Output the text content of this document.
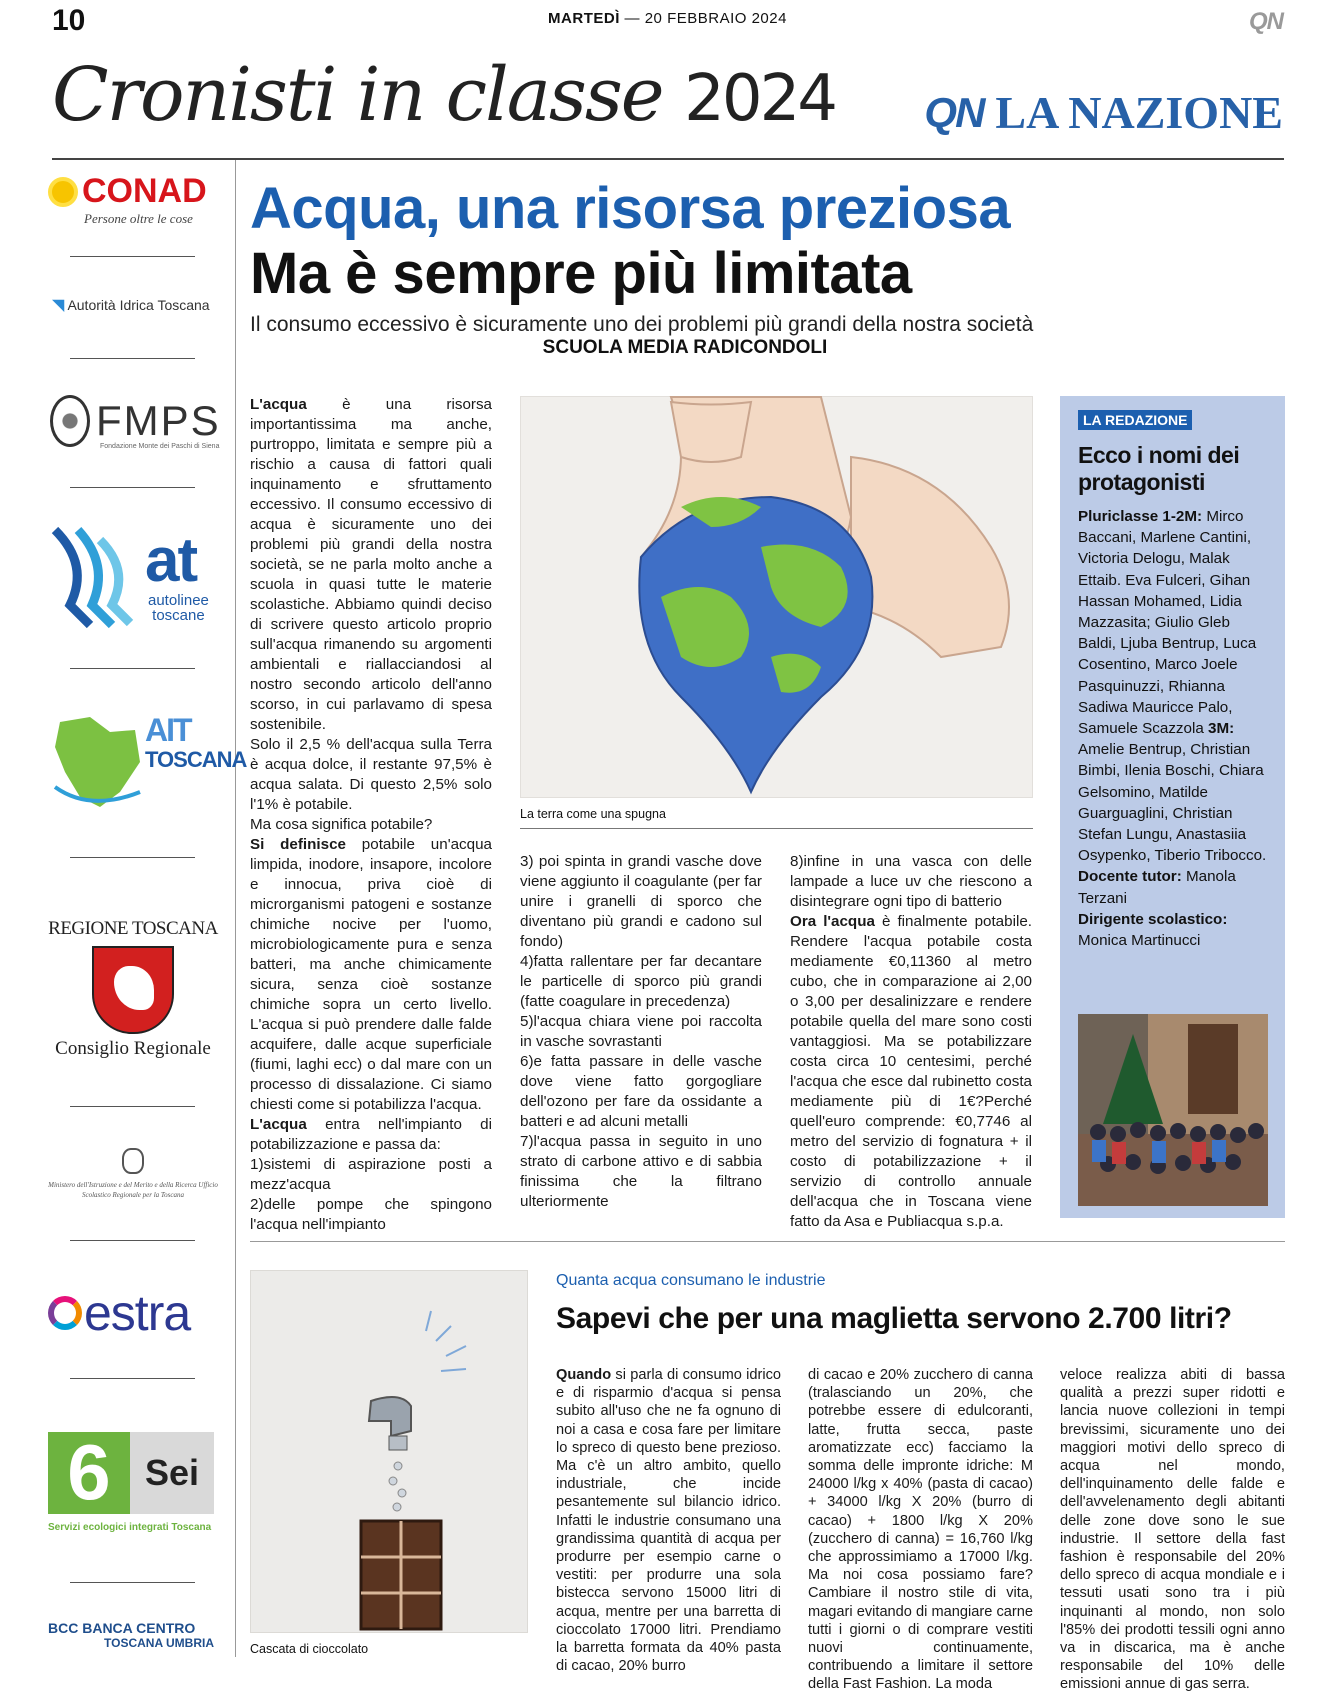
10	MARTEDÌ — 20 FEBBRAIO 2024	QN
Cronisti in classe 2024 QN LA NAZIONE
CONAD
Persone oltre le cose
◥ Autorità Idrica Toscana
FMPS
Fondazione Monte dei Paschi di Siena
at
autolinee
toscane
AIT
TOSCANA
REGIONE TOSCANA
Consiglio Regionale
Ministero dell'Istruzione e del Merito e della Ricerca Ufficio Scolastico Regionale per la Toscana
estra
6 Sei
Servizi ecologici integrati Toscana
BCC BANCA CENTRO
TOSCANA UMBRIA
Acqua, una risorsa preziosa
Ma è sempre più limitata
Il consumo eccessivo è sicuramente uno dei problemi più grandi della nostra società
SCUOLA MEDIA RADICONDOLI

L'acqua è una risorsa importantissima ma anche, purtroppo, limitata e sempre più a rischio a causa di fattori quali inquinamento e sfruttamento eccessivo. Il consumo eccessivo di acqua è sicuramente uno dei problemi più grandi della nostra società, se ne parla molto anche a scuola in quasi tutte le materie scolastiche. Abbiamo quindi deciso di scrivere questo articolo proprio sull'acqua rimanendo su argomenti ambientali e riallacciandosi al nostro secondo articolo dell'anno scorso, in cui parlavamo di spesa sostenibile.

Solo il 2,5 % dell'acqua sulla Terra è acqua dolce, il restante 97,5% è acqua salata. Di questo 2,5% solo l'1% è potabile.

Ma cosa significa potabile?

Si definisce potabile un'acqua limpida, inodore, insapore, incolore e innocua, priva cioè di microrganismi patogeni e sostanze chimiche nocive per l'uomo, microbiologicamente pura e senza batteri, ma anche chimicamente sicura, senza cioè sostanze chimiche sopra un certo livello. L'acqua si può prendere dalle falde acquifere, dalle acque superficiale (fiumi, laghi ecc) o dal mare con un processo di dissalazione. Ci siamo chiesti come si potabilizza l'acqua.

L'acqua entra nell'impianto di potabilizzazione e passa da:

1)sistemi di aspirazione posti a mezz'acqua

2)delle pompe che spingono l'acqua nell'impianto

La terra come una spugna

3) poi spinta in grandi vasche dove viene aggiunto il coagulante (per far unire i granelli di sporco che diventano più grandi e cadono sul fondo)

4)fatta rallentare per far decantare le particelle di sporco più grandi (fatte coagulare in precedenza)

5)l'acqua chiara viene poi raccolta in vasche sovrastanti

6)e fatta passare in delle vasche dove viene fatto gorgogliare dell'ozono per fare da ossidante a batteri e ad alcuni metalli

7)l'acqua passa in seguito in uno strato di carbone attivo e di sabbia finissima che la filtrano ulteriormente

8)infine in una vasca con delle lampade a luce uv che riescono a disintegrare ogni tipo di batterio

Ora l'acqua è finalmente potabile. Rendere l'acqua potabile costa mediamente €0,11360 al metro cubo, che in comparazione ai 2,00 o 3,00 per desalinizzare e rendere potabile quella del mare sono costi vantaggiosi. Ma se potabilizzare costa circa 10 centesimi, perché l'acqua che esce dal rubinetto costa mediamente più di 1€?Perché quell'euro comprende: €0,7746 al metro del servizio di fognatura + il costo di potabilizzazione + il servizio di controllo annuale dell'acqua che in Toscana viene fatto da Asa e Publiacqua s.p.a.

LA REDAZIONE
Ecco i nomi dei protagonisti
Pluriclasse 1-2M: Mirco Baccani, Marlene Cantini, Victoria Delogu, Malak Ettaib. Eva Fulceri, Gihan Hassan Mohamed, Lidia Mazzasita; Giulio Gleb Baldi, Ljuba Bentrup, Luca Cosentino, Marco Joele Pasquinuzzi, Rhianna Sadiwa Mauricce Palo, Samuele Scazzola 3M: Amelie Bentrup, Christian Bimbi, Ilenia Boschi, Chiara Gelsomino, Matilde Guarguaglini, Christian Stefan Lungu, Anastasiia Osypenko, Tiberio Tribocco. Docente tutor: Manola Terzani
Dirigente scolastico: Monica Martinucci
Cascata di cioccolato
Quanta acqua consumano le industrie
Sapevi che per una maglietta servono 2.700 litri?
Quando si parla di consumo idrico e di risparmio d'acqua si pensa subito all'uso che ne fa ognuno di noi a casa e cosa fare per limitare lo spreco di questo bene prezioso. Ma c'è un altro ambito, quello industriale, che incide pesantemente sul bilancio idrico. Infatti le industrie consumano una grandissima quantità di acqua per produrre per esempio carne o vestiti: per produrre una sola bistecca servono 15000 litri di acqua, mentre per una barretta di cioccolato 17000 litri. Prendiamo la barretta formata da 40% pasta di cacao, 20% burro
di cacao e 20% zucchero di canna (tralasciando un 20%, che potrebbe essere di edulcoranti, latte, frutta secca, paste aromatizzate ecc) facciamo la somma delle impronte idriche: M 24000 l/kg x 40% (pasta di cacao) + 34000 l/kg X 20% (burro di cacao) + 1800 l/kg X 20% (zucchero di canna) = 16,760 l/kg che approssimiamo a 17000 l/kg. Ma noi cosa possiamo fare? Cambiare il nostro stile di vita, magari evitando di mangiare carne tutti i giorni o di comprare vestiti nuovi continuamente, contribuendo a limitare il settore della Fast Fashion. La moda
veloce realizza abiti di bassa qualità a prezzi super ridotti e lancia nuove collezioni in tempi brevissimi, sicuramente uno dei maggiori motivi dello spreco di acqua nel mondo, dell'inquinamento delle falde e dell'avvelenamento degli abitanti delle zone dove sono le sue industrie. Il settore della fast fashion è responsabile del 20% dello spreco di acqua mondiale e i tessuti usati sono tra i più inquinanti al mondo, non solo l'85% dei prodotti tessili ogni anno va in discarica, ma è anche responsabile del 10% delle emissioni annue di gas serra.
